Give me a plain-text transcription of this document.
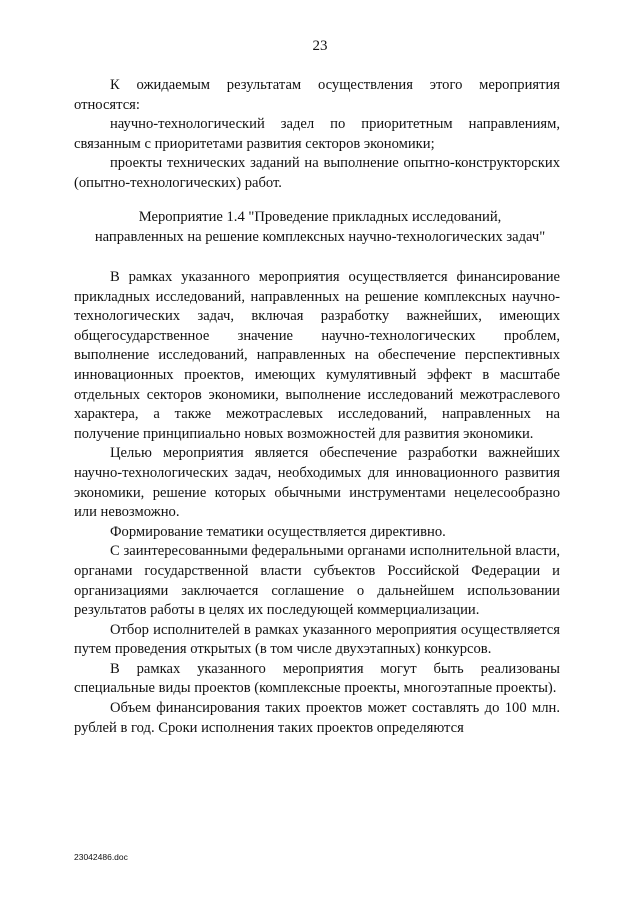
23

К ожидаемым результатам осуществления этого мероприятия относятся:

научно-технологический задел по приоритетным направлениям, связанным с приоритетами развития секторов экономики;

проекты технических заданий на выполнение опытно-конструкторских (опытно-технологических) работ.

Мероприятие 1.4 "Проведение прикладных исследований,
направленных на решение комплексных научно-технологических задач"

В рамках указанного мероприятия осуществляется финансирование прикладных исследований, направленных на решение комплексных научно-технологических задач, включая разработку важнейших, имеющих общегосударственное значение научно-технологических проблем, выполнение исследований, направленных на обеспечение перспективных инновационных проектов, имеющих кумулятивный эффект в масштабе отдельных секторов экономики, выполнение исследований межотраслевого характера, а также межотраслевых исследований, направленных на получение принципиально новых возможностей для развития экономики.

Целью мероприятия является обеспечение разработки важнейших научно-технологических задач, необходимых для инновационного развития экономики, решение которых обычными инструментами нецелесообразно или невозможно.

Формирование тематики осуществляется директивно.

С заинтересованными федеральными органами исполнительной власти, органами государственной власти субъектов Российской Федерации и организациями заключается соглашение о дальнейшем использовании результатов работы в целях их последующей коммерциализации.

Отбор исполнителей в рамках указанного мероприятия осуществляется путем проведения открытых (в том числе двухэтапных) конкурсов.

В рамках указанного мероприятия могут быть реализованы специальные виды проектов (комплексные проекты, многоэтапные проекты).

Объем финансирования таких проектов может составлять до 100 млн. рублей в год. Сроки исполнения таких проектов определяются

23042486.doc
